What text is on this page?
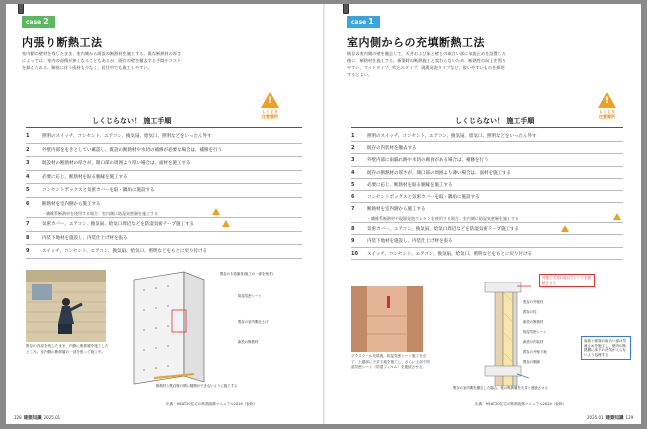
case 2
内張り断熱工法

室内側の壁材を残したまま、室内側から既設の断熱材を施工する。既存断熱材の厚さによっては、室内の面積が狭くなることもあるが、既存の壁を撤去する手間やコストを抑えられる。解体に伴う廃材も少なく、居住中でも施工しやすい。

!
しくじり
注意箇所
しくじらない！ 施工手順
1	照明のスイッチ、コンセント、エアコン、換気扇、給気口、照明などをいったん外す
2	外壁内部ををきとしてい確認し、既設の断熱材や水切の補修が必要な場合は、補修を行う
3	既設材の断熱材の厚さが、開口部の周囲より厚い場合は、面材を施工する
4	必要に応じ、断熱材を貼る胴縁を施工する
5	コンセントボックスと気密カバーを取・隅角に施設する
6	断熱材を室内側から施工する
・繊維系断熱材を使用する場合：室内側に防湿気密層を施工する
7	気密カバー、エアコン、換気扇、給気口周辺などを防湿気密テープ施工する
8	内装下地材を施設し、内装仕上げ材を張る
9	スイッチ、コンセント、エアコン、換気扇、給気口、照明などをもとに戻り付ける

既存の内部を残したまま、内側に断熱層を施工したところ。室内側の断熱層の一部を張って施工中。

既存の木造躯体(施工の一部を残す)

防湿気密シート

既存の室内側仕上げ

新設の断熱材

断熱材と既存壁の間に隙間ができないように施工する

出典：HEAT20住宅の断熱改修マニュアル2024（仮称）

128 建築知識 2025.01
case 1
室内側からの充填断熱工法

既存の室内側の壁を撤去して、天井および床と壁との取合い部に気流止めを設置した後に、断熱材を施工する。新築時の断熱施工と変わらないため、断熱性の向上を図りやすい。マットタイプ、吹込みタイプ、現場発泡タイプなど、扱いやすいものを採用するとよい。

!
しくじり
注意箇所
しくじらない！ 施工手順
1	照明のスイッチ、コンセント、エアコン、換気扇、給気口、照明などをいったん外す
2	既存の内装材を撤去する
3	外壁内部に雨漏れ跡や水切の腐食がある場合は、補修を行う
4	既存の断熱材の厚さが、開口部の周囲より薄い場合は、面材を施工する
5	必要に応じ、断熱材を貼る胴縁を施工する
6	コンセントボックスと気密カバーを取・隅角に施設する
7	断熱材を室内側から施工する
・繊維系断熱材や現場発泡ウレタンを使用する場合：室内側に防湿気密層を施工する
8	気密カバー、エアコン、換気扇、給気口周辺などを防湿気密テープ施工する
9	内装下地材を施設し、内装仕上げ材を張る
10	スイッチ、コンセント、エアコン、換気扇、給気口、照明などをもとに戻り付ける

グラスウール充填後。防湿気密シート施工を完了。上端部に天井下地を施工し、さらに上部で防湿気密シート（防湿フィルム）を連続させる。

外壁と天井の境目でシートを連続させる

既存の外壁材

既存の柱

新設の断熱材

防湿気密シート

新設の内装材

既存の外壁下地

既存の胴縁

床面と壁面の取合い部は気流止めを施工し、壁内の断熱層に床下の冷気が入らないよう処理する

既存の室内側を撤去した場合、壁の断熱層を天井と連続させる

出典：HEAT20住宅の断熱改修マニュアル2024（仮称）

2025.01 建築知識 129
